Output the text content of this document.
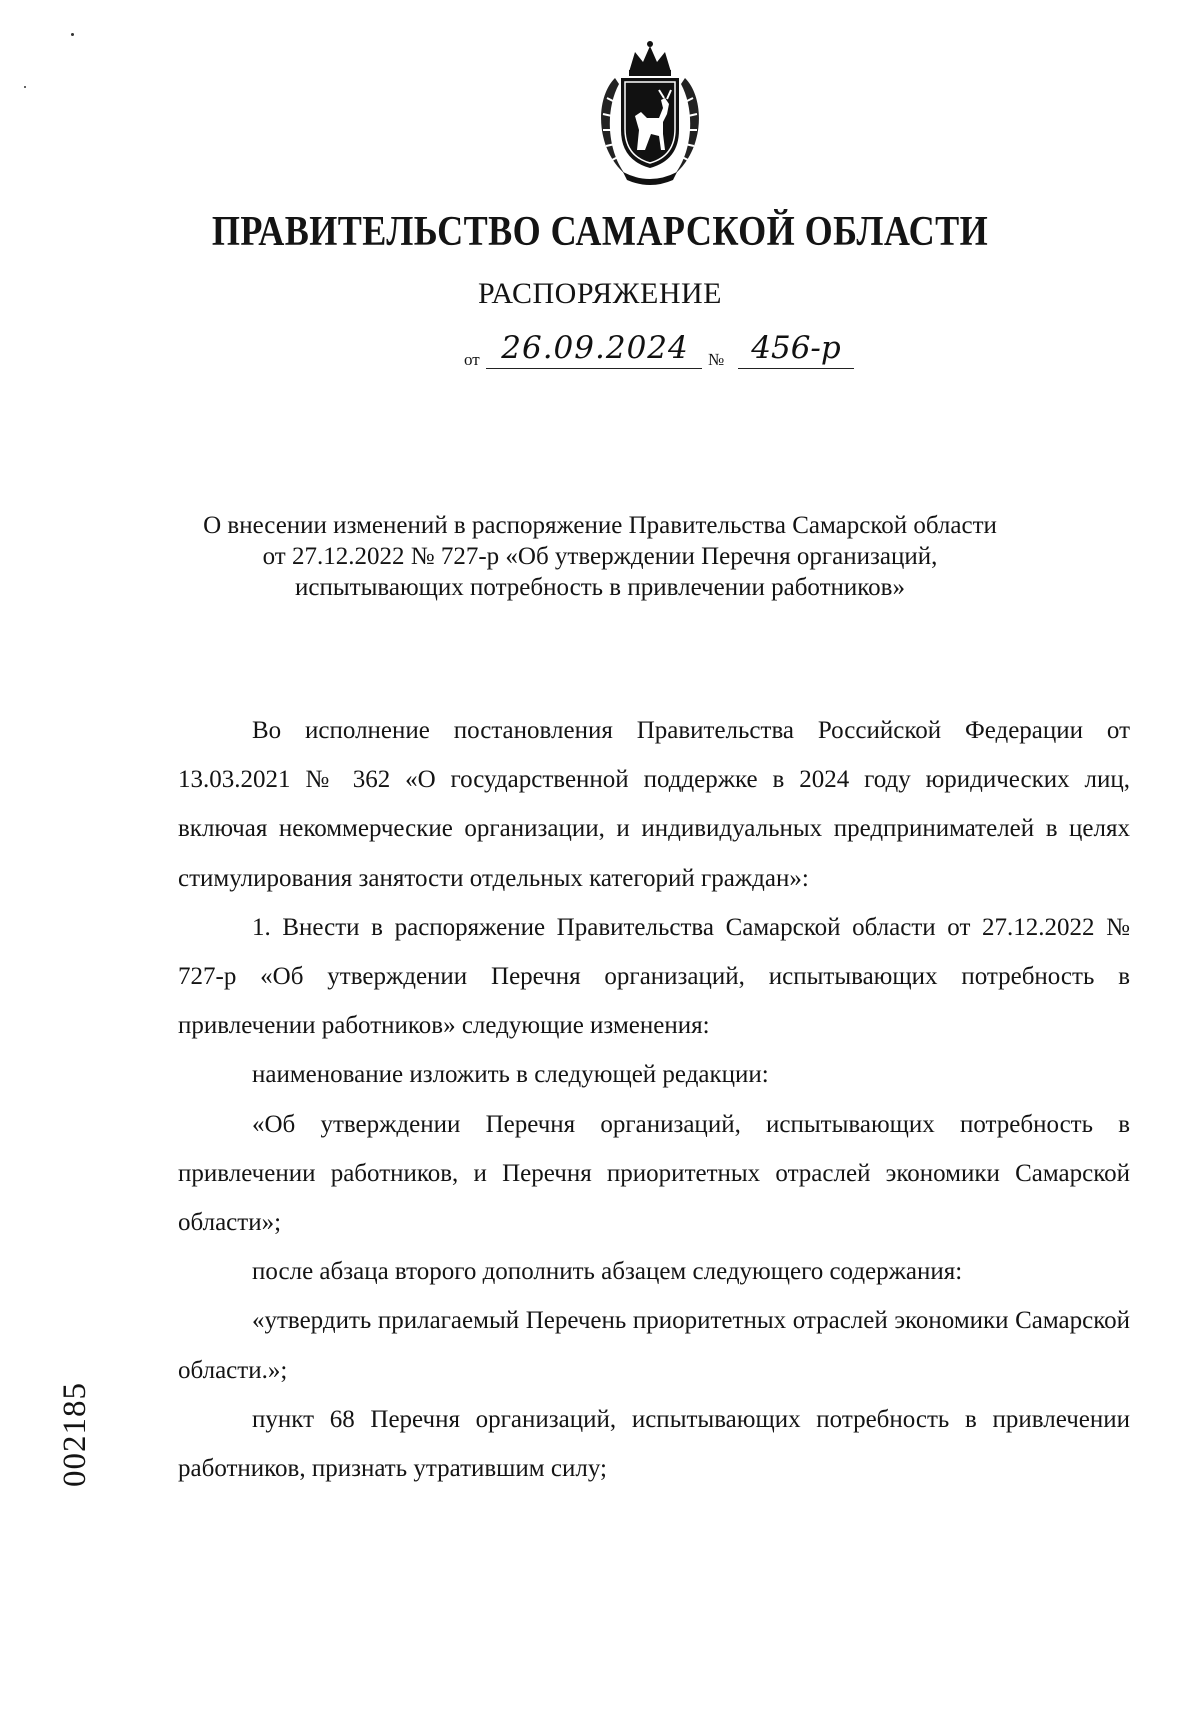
ПРАВИТЕЛЬСТВО САМАРСКОЙ ОБЛАСТИ
РАСПОРЯЖЕНИЕ
от 26.09.2024	№ 456-р
О внесении изменений в распоряжение Правительства Самарской области
от 27.12.2022 № 727-р «Об утверждении Перечня организаций,
испытывающих потребность в привлечении работников»

Во исполнение постановления Правительства Российской Федерации от 13.03.2021 № 362 «О государственной поддержке в 2024 году юридических лиц, включая некоммерческие организации, и индивидуальных предпринимателей в целях стимулирования занятости отдельных категорий граждан»:

1. Внести в распоряжение Правительства Самарской области от 27.12.2022 № 727-р «Об утверждении Перечня организаций, испытывающих потребность в привлечении работников» следующие изменения:

наименование изложить в следующей редакции:

«Об утверждении Перечня организаций, испытывающих потребность в привлечении работников, и Перечня приоритетных отраслей экономики Самарской области»;

после абзаца второго дополнить абзацем следующего содержания:

«утвердить прилагаемый Перечень приоритетных отраслей экономики Самарской области.»;

пункт 68 Перечня организаций, испытывающих потребность в привлечении работников, признать утратившим силу;

002185
